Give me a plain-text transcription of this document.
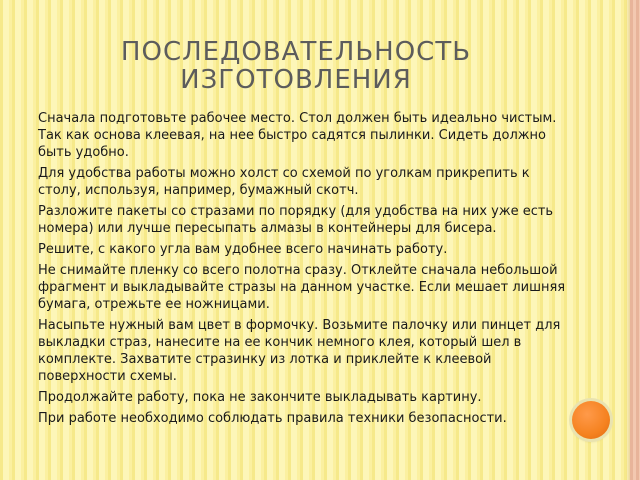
ПОСЛЕДОВАТЕЛЬНОСТЬ ИЗГОТОВЛЕНИЯ
Сначала подготовьте рабочее место. Стол должен быть идеально чистым. Так как основа клеевая, на нее быстро садятся пылинки. Сидеть должно быть удобно.
Для удобства работы можно холст со схемой по уголкам прикрепить к столу, используя, например, бумажный скотч.
Разложите пакеты со стразами по порядку (для удобства на них уже есть номера) или лучше пересыпать алмазы в контейнеры для бисера.
Решите, с какого угла вам удобнее всего начинать работу.
Не снимайте пленку со всего полотна сразу. Отклейте сначала небольшой фрагмент и выкладывайте стразы на данном участке. Если мешает лишняя бумага, отрежьте ее ножницами.
Насыпьте нужный вам цвет в формочку. Возьмите палочку или пинцет для выкладки страз, нанесите на ее кончик немного клея, который шел в комплекте. Захватите стразинку из лотка и приклейте к клеевой поверхности схемы.
Продолжайте работу, пока не закончите выкладывать картину.
При работе необходимо соблюдать правила техники безопасности.
